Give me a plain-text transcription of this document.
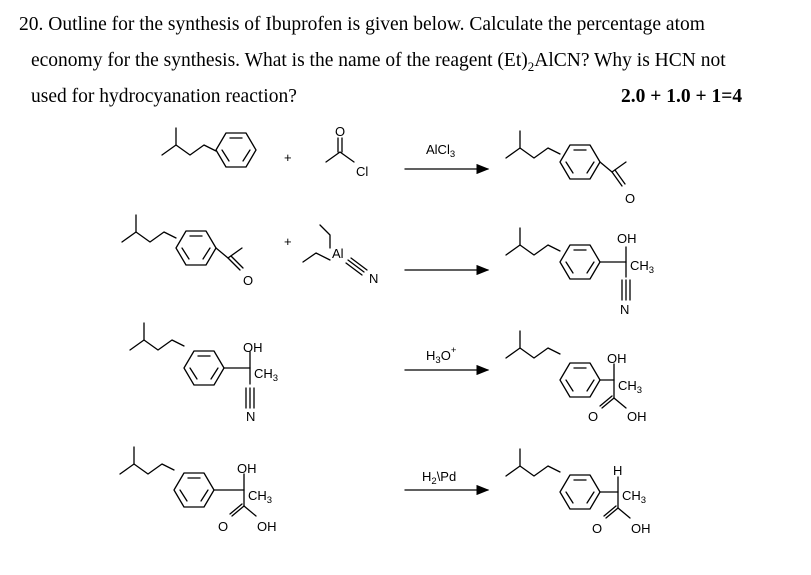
20. Outline for the synthesis of Ibuprofen is given below. Calculate the percentage atom
economy for the synthesis. What is the name of the reagent $(Et)_2AlCN$? Why is HCN not
used for hydrocyanation reaction?	2.0 + 1.0 + 1=4
+
O
Cl
AlCl$_3$
O
O
+
Al
N
OH
$CH_3$
N
OH
$CH_3$
N
$H_3O^+$
OH
$CH_3$
O OH
OH
$CH_3$
O OH
$H_2\backslash Pd$	H
$CH_3$
O OH
